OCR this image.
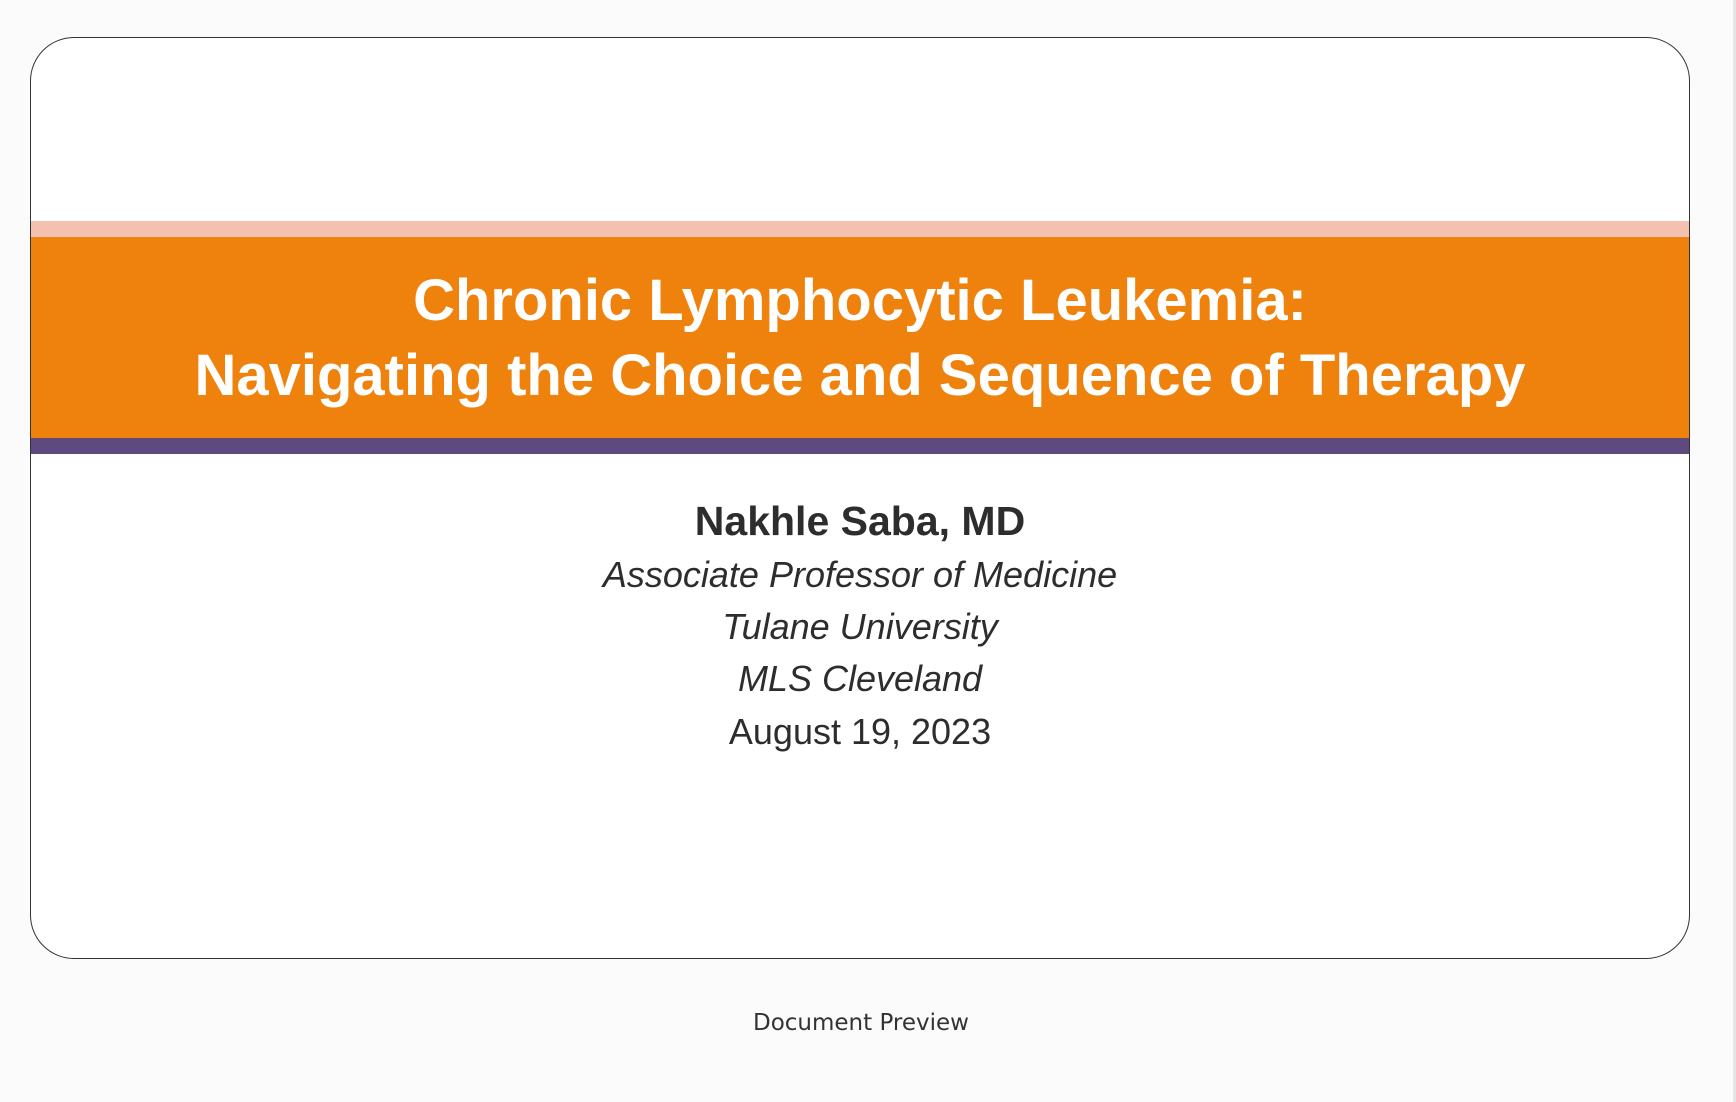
Chronic Lymphocytic Leukemia:
Navigating the Choice and Sequence of Therapy
Nakhle Saba, MD
Associate Professor of Medicine
Tulane University
MLS Cleveland
August 19, 2023
Document Preview
